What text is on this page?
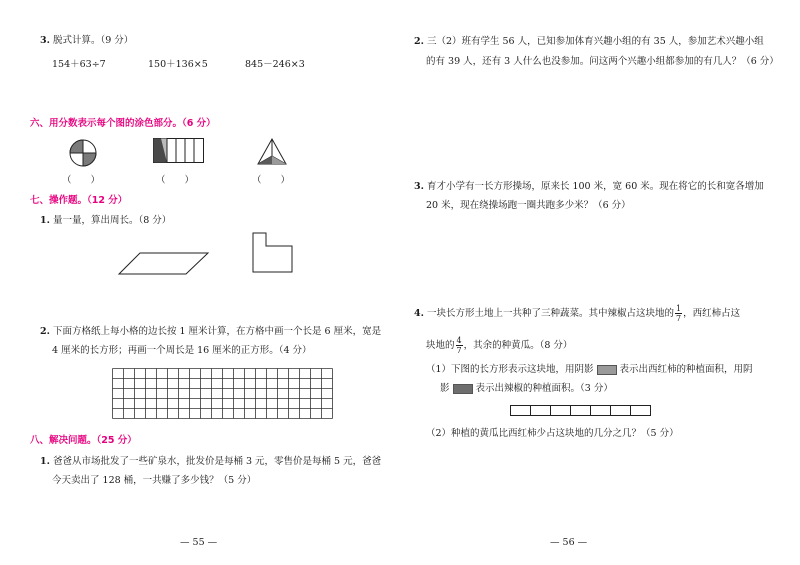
3. 脱式计算。（9 分）
154＋63÷7	150＋136×5	845－246×3
六、用分数表示每个图的涂色部分。（6 分）
（　　）	（　　）	（　　）
七、操作题。（12 分）
1. 量一量，算出周长。（8 分）
2. 下面方格纸上每小格的边长按 1 厘米计算，在方格中画一个长是 6 厘米，宽是
4 厘米的长方形；再画一个周长是 16 厘米的正方形。（4 分）
八、解决问题。（25 分）
1. 爸爸从市场批发了一些矿泉水，批发价是每桶 3 元，零售价是每桶 5 元，爸爸
今天卖出了 128 桶，一共赚了多少钱？（5 分）
— 55 —
2. 三（2）班有学生 56 人，已知参加体育兴趣小组的有 35 人，参加艺术兴趣小组
的有 39 人，还有 3 人什么也没参加。问这两个兴趣小组都参加的有几人？（6 分）
3. 育才小学有一长方形操场，原来长 100 米，宽 60 米。现在将它的长和宽各增加
20 米，现在绕操场跑一圈共跑多少米？（6 分）
4. 一块长方形土地上一共种了三种蔬菜。其中辣椒占这块地的 $\frac{1}{7}$ ，西红柿占这
块地的 $\frac{4}{7}$ ，其余的种黄瓜。（8 分）
（1）下图的长方形表示这块地，用阴影	表示出西红柿的种植面积，用阴
影	表示出辣椒的种植面积。（3 分）
（2）种植的黄瓜比西红柿少占这块地的几分之几？（5 分）
— 56 —
